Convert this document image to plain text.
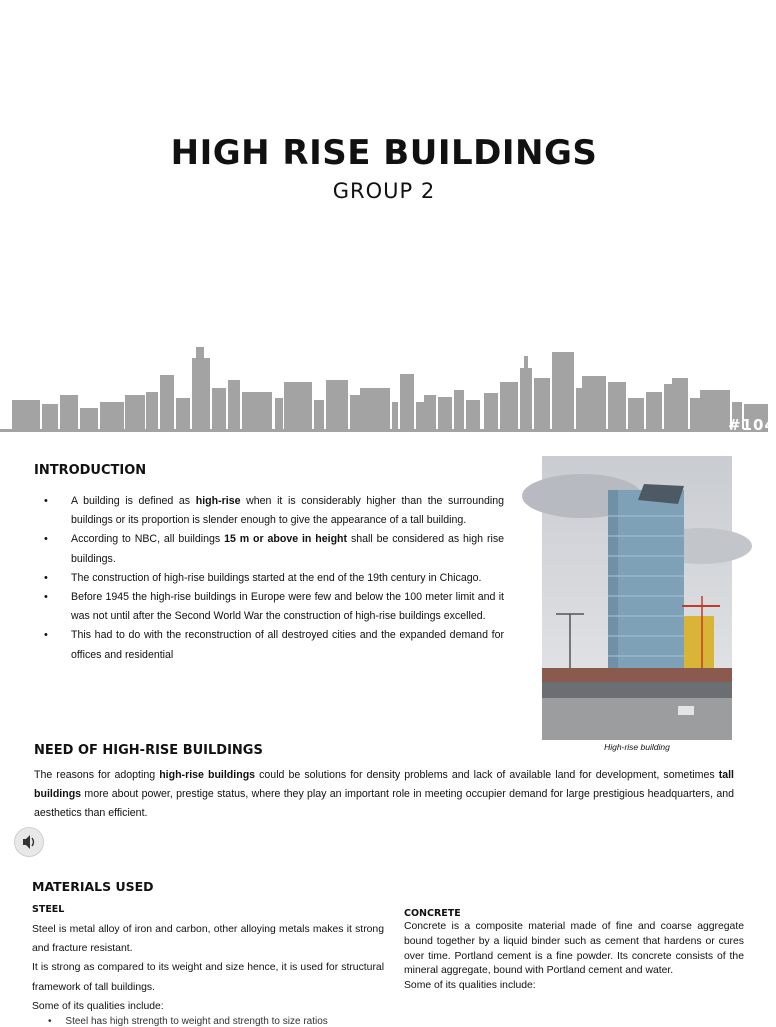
HIGH RISE BUILDINGS
GROUP 2
#104
INTRODUCTION
• A building is defined as high-rise when it is considerably higher than the surrounding buildings or its proportion is slender enough to give the appearance of a tall building.
• According to NBC, all buildings 15 m or above in height shall be considered as high rise buildings.
• The construction of high-rise buildings started at the end of the 19th century in Chicago.
• Before 1945 the high-rise buildings in Europe were few and below the 100 meter limit and it was not until after the Second World War the construction of high-rise buildings excelled.
• This had to do with the reconstruction of all destroyed cities and the expanded demand for offices and residential
High-rise building
NEED OF HIGH-RISE BUILDINGS

The reasons for adopting high-rise buildings could be solutions for density problems and lack of available land for development, sometimes tall buildings more about power, prestige status, where they play an important role in meeting occupier demand for large prestigious headquarters, and aesthetics than efficient.

MATERIALS USED
STEEL

Steel is metal alloy of iron and carbon, other alloying metals makes it strong and fracture resistant.

It is strong as compared to its weight and size hence, it is used for structural framework of tall buildings.

Some of its qualities include:

•     Steel has high strength to weight and strength to size ratios
CONCRETE

Concrete is a composite material made of fine and coarse aggregate bound together by a liquid binder such as cement that hardens or cures over time. Portland cement is a fine powder. Its concrete consists of the mineral aggregate, bound with Portland cement and water.

Some of its qualities include:
